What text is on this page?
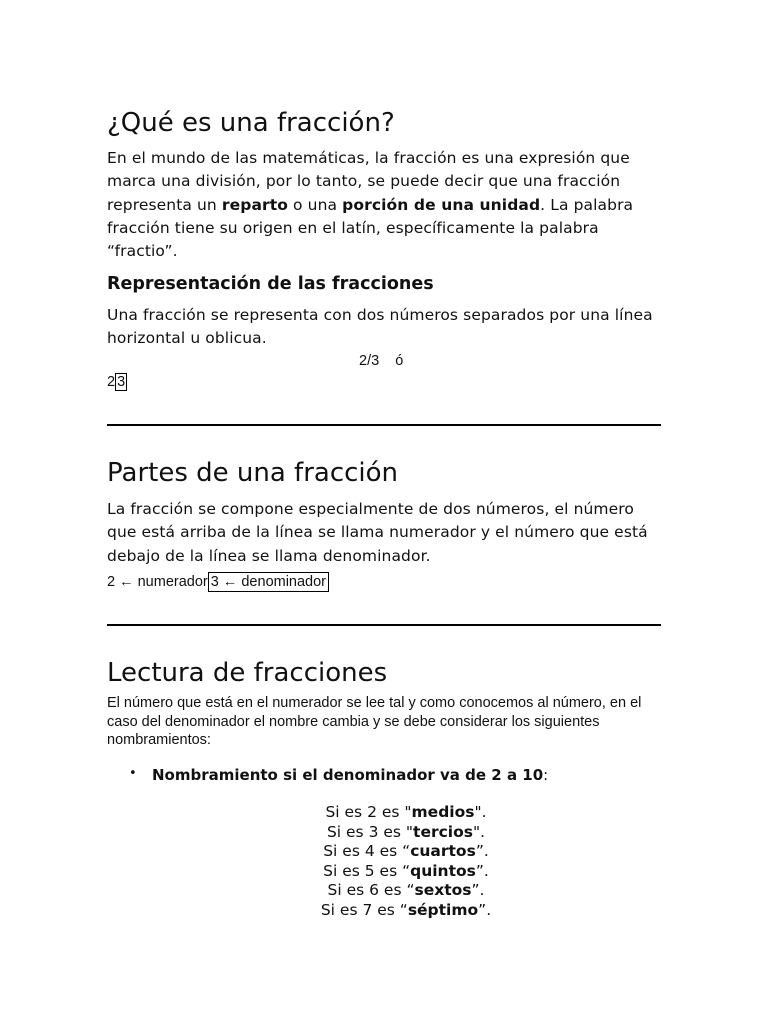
¿Qué es una fracción?

En el mundo de las matemáticas, la fracción es una expresión que marca una división, por lo tanto, se puede decir que una fracción representa un reparto o una porción de una unidad. La palabra fracción tiene su origen en el latín, específicamente la palabra “fractio”.

Representación de las fracciones

Una fracción se representa con dos números separados por una línea horizontal u oblicua.

2/3    ó
2 3
Partes de una fracción

La fracción se compone especialmente de dos números, el número que está arriba de la línea se llama numerador y el número que está debajo de la línea se llama denominador.

2 ← numerador 3 ← denominador
Lectura de fracciones

El número que está en el numerador se lee tal y como conocemos al número, en el caso del denominador el nombre cambia y se debe considerar los siguientes nombramientos:

• Nombramiento si el denominador va de 2 a 10:
Si es 2 es "medios".
Si es 3 es "tercios".
Si es 4 es “cuartos”.
Si es 5 es “quintos”.
Si es 6 es “sextos”.
Si es 7 es “séptimo”.
